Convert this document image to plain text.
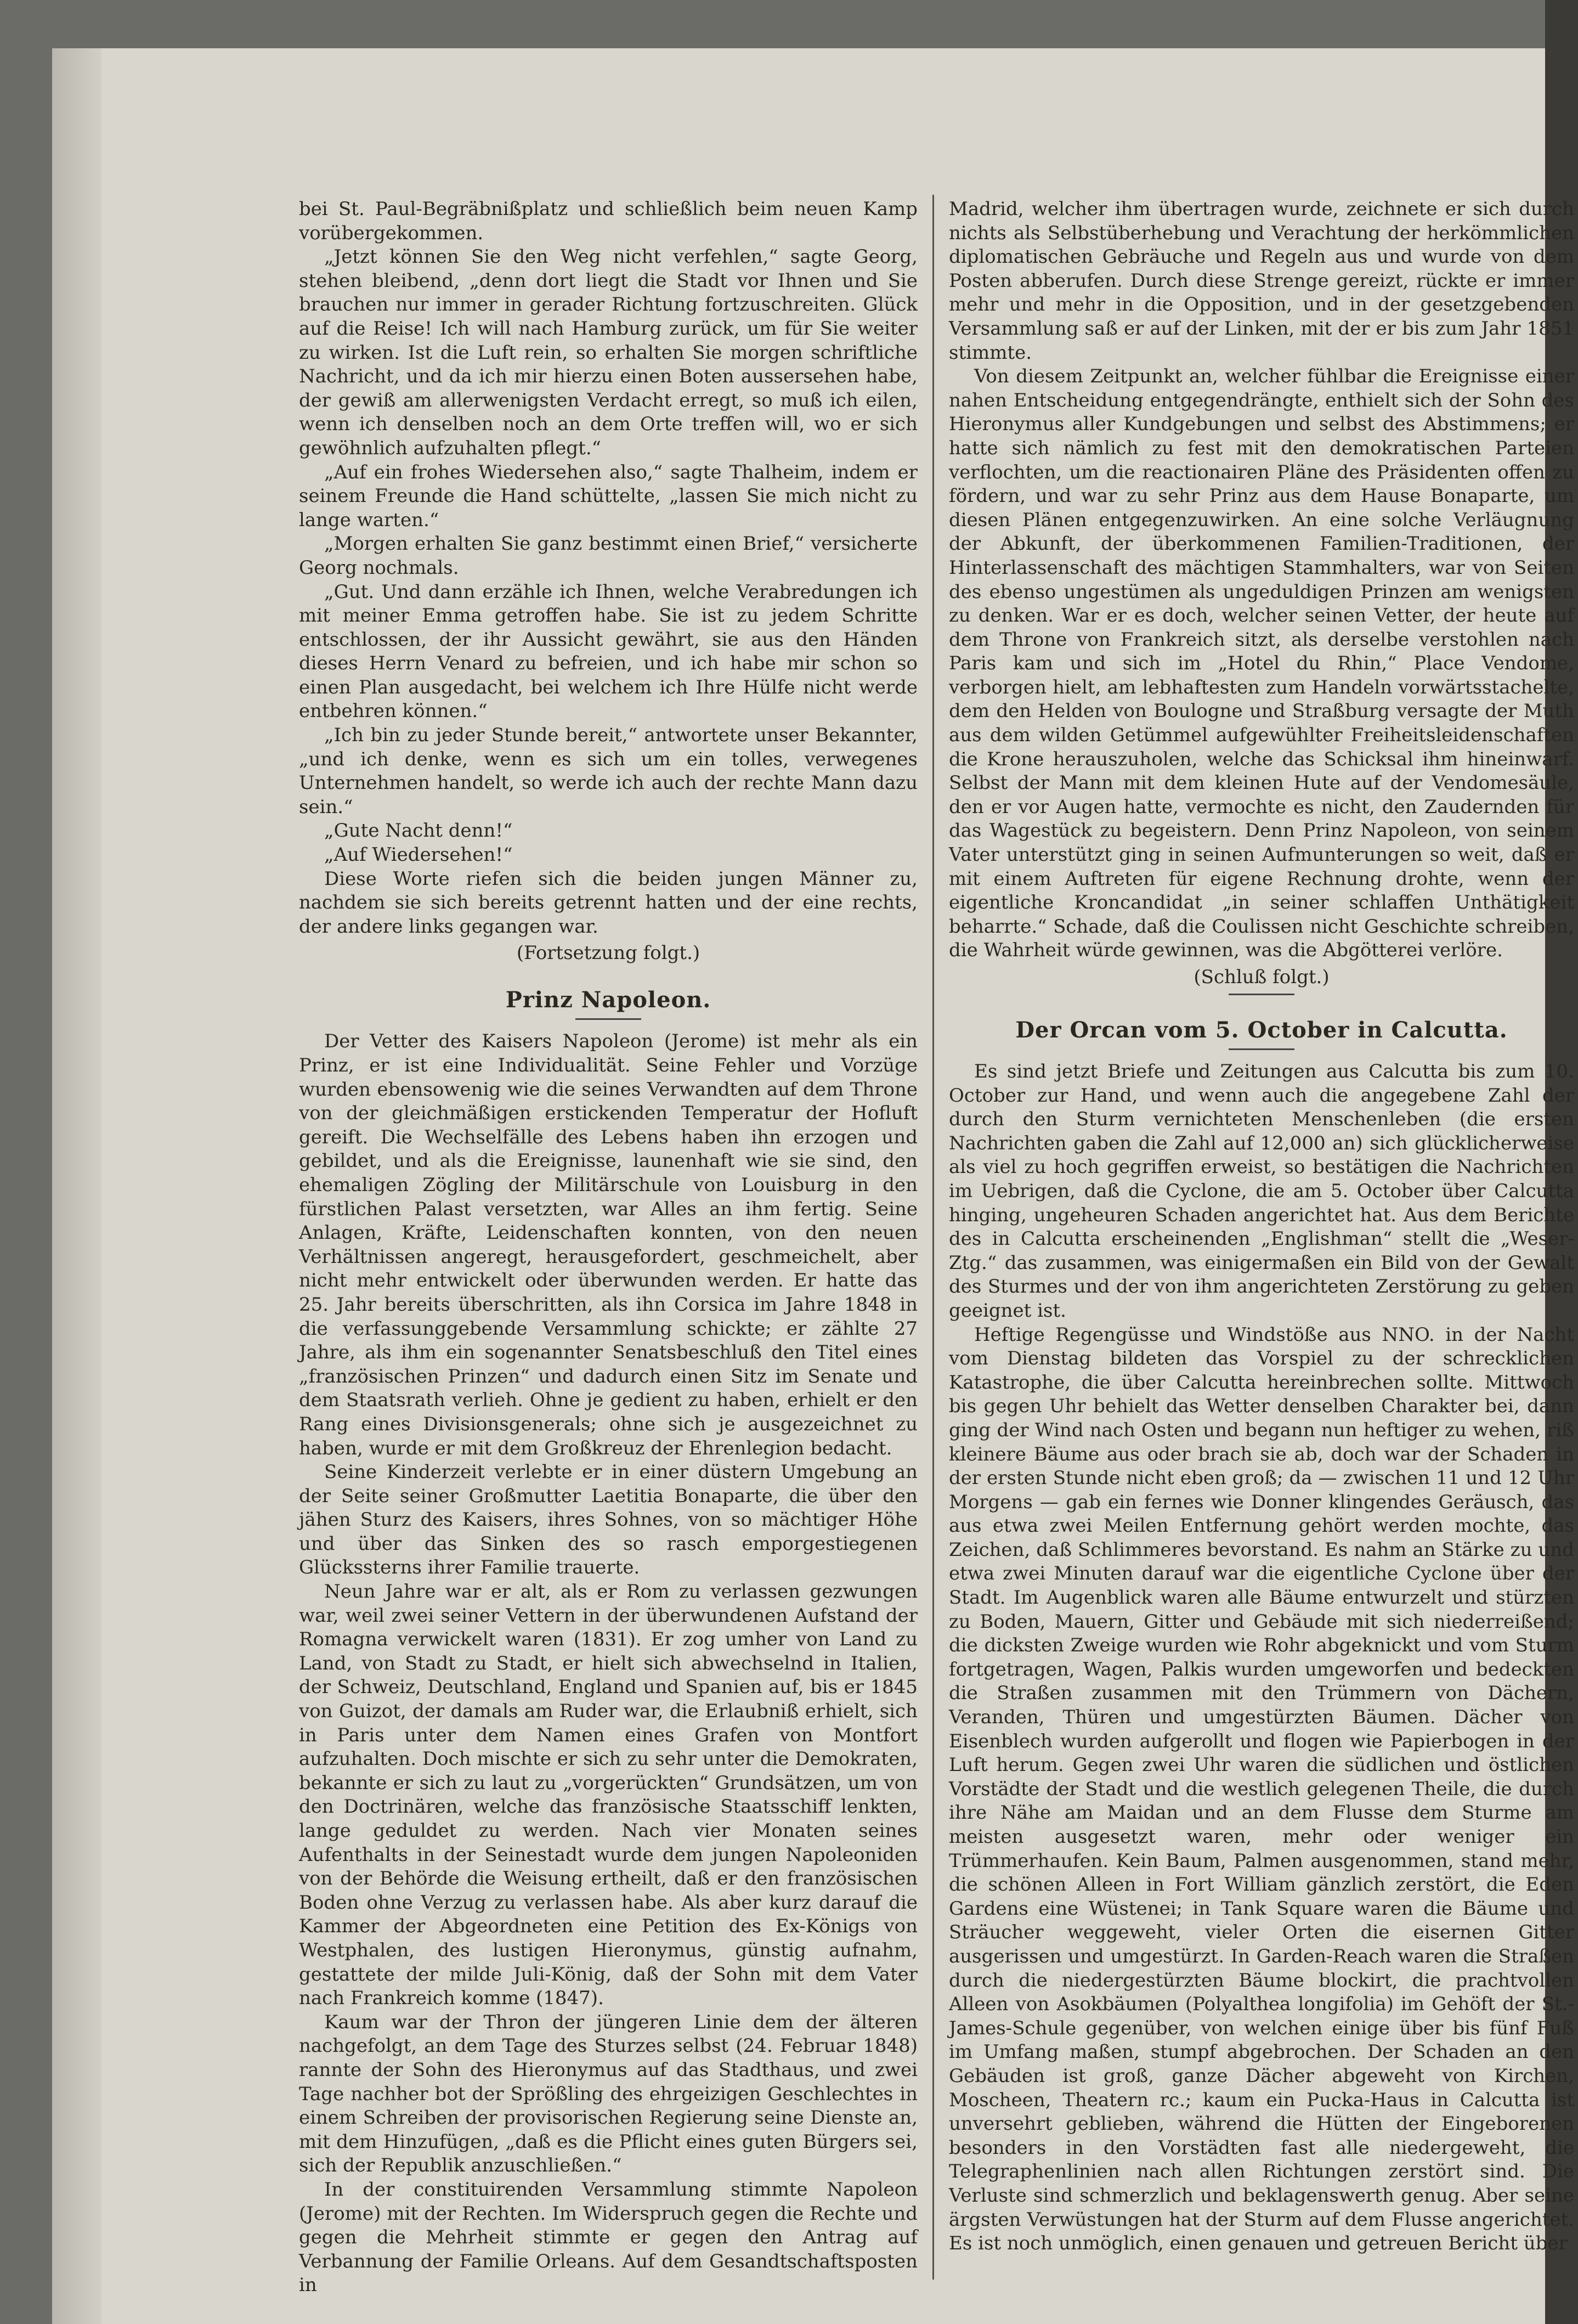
bei St. Paul-Begräbnißplatz und schließlich beim neuen Kamp vorübergekommen.

„Jetzt können Sie den Weg nicht verfehlen,“ sagte Georg, stehen bleibend, „denn dort liegt die Stadt vor Ihnen und Sie brauchen nur immer in gerader Richtung fortzuschreiten. Glück auf die Reise! Ich will nach Hamburg zurück, um für Sie weiter zu wirken. Ist die Luft rein, so erhalten Sie morgen schriftliche Nachricht, und da ich mir hierzu einen Boten aussersehen habe, der gewiß am allerwenigsten Verdacht erregt, so muß ich eilen, wenn ich denselben noch an dem Orte treffen will, wo er sich gewöhnlich aufzuhalten pflegt.“

„Auf ein frohes Wiedersehen also,“ sagte Thalheim, indem er seinem Freunde die Hand schüttelte, „lassen Sie mich nicht zu lange warten.“

„Morgen erhalten Sie ganz bestimmt einen Brief,“ versicherte Georg nochmals.

„Gut. Und dann erzähle ich Ihnen, welche Verabredungen ich mit meiner Emma getroffen habe. Sie ist zu jedem Schritte entschlossen, der ihr Aussicht gewährt, sie aus den Händen dieses Herrn Venard zu befreien, und ich habe mir schon so einen Plan ausgedacht, bei welchem ich Ihre Hülfe nicht werde entbehren können.“

„Ich bin zu jeder Stunde bereit,“ antwortete unser Bekannter, „und ich denke, wenn es sich um ein tolles, verwegenes Unternehmen handelt, so werde ich auch der rechte Mann dazu sein.“

„Gute Nacht denn!“

„Auf Wiedersehen!“

Diese Worte riefen sich die beiden jungen Männer zu, nachdem sie sich bereits getrennt hatten und der eine rechts, der andere links gegangen war.

(Fortsetzung folgt.)
Prinz Napoleon.

Der Vetter des Kaisers Napoleon (Jerome) ist mehr als ein Prinz, er ist eine Individualität. Seine Fehler und Vorzüge wurden ebensowenig wie die seines Verwandten auf dem Throne von der gleichmäßigen erstickenden Temperatur der Hofluft gereift. Die Wechselfälle des Lebens haben ihn erzogen und gebildet, und als die Ereignisse, launenhaft wie sie sind, den ehemaligen Zögling der Militärschule von Louisburg in den fürstlichen Palast versetzten, war Alles an ihm fertig. Seine Anlagen, Kräfte, Leidenschaften konnten, von den neuen Verhältnissen angeregt, herausgefordert, geschmeichelt, aber nicht mehr entwickelt oder überwunden werden. Er hatte das 25. Jahr bereits überschritten, als ihn Corsica im Jahre 1848 in die verfassunggebende Versammlung schickte; er zählte 27 Jahre, als ihm ein sogenannter Senatsbeschluß den Titel eines „französischen Prinzen“ und dadurch einen Sitz im Senate und dem Staatsrath verlieh. Ohne je gedient zu haben, erhielt er den Rang eines Divisionsgenerals; ohne sich je ausgezeichnet zu haben, wurde er mit dem Großkreuz der Ehrenlegion bedacht.

Seine Kinderzeit verlebte er in einer düstern Umgebung an der Seite seiner Großmutter Laetitia Bonaparte, die über den jähen Sturz des Kaisers, ihres Sohnes, von so mächtiger Höhe und über das Sinken des so rasch emporgestiegenen Glückssterns ihrer Familie trauerte.

Neun Jahre war er alt, als er Rom zu verlassen gezwungen war, weil zwei seiner Vettern in der überwundenen Aufstand der Romagna verwickelt waren (1831). Er zog umher von Land zu Land, von Stadt zu Stadt, er hielt sich abwechselnd in Italien, der Schweiz, Deutschland, England und Spanien auf, bis er 1845 von Guizot, der damals am Ruder war, die Erlaubniß erhielt, sich in Paris unter dem Namen eines Grafen von Montfort aufzuhalten. Doch mischte er sich zu sehr unter die Demokraten, bekannte er sich zu laut zu „vorgerückten“ Grundsätzen, um von den Doctrinären, welche das französische Staatsschiff lenkten, lange geduldet zu werden. Nach vier Monaten seines Aufenthalts in der Seinestadt wurde dem jungen Napoleoniden von der Behörde die Weisung ertheilt, daß er den französischen Boden ohne Verzug zu verlassen habe. Als aber kurz darauf die Kammer der Abgeordneten eine Petition des Ex-Königs von Westphalen, des lustigen Hieronymus, günstig aufnahm, gestattete der milde Juli-König, daß der Sohn mit dem Vater nach Frankreich komme (1847).

Kaum war der Thron der jüngeren Linie dem der älteren nachgefolgt, an dem Tage des Sturzes selbst (24. Februar 1848) rannte der Sohn des Hieronymus auf das Stadthaus, und zwei Tage nachher bot der Sprößling des ehrgeizigen Geschlechtes in einem Schreiben der provisorischen Regierung seine Dienste an, mit dem Hinzufügen, „daß es die Pflicht eines guten Bürgers sei, sich der Republik anzuschließen.“

In der constituirenden Versammlung stimmte Napoleon (Jerome) mit der Rechten. Im Widerspruch gegen die Rechte und gegen die Mehrheit stimmte er gegen den Antrag auf Verbannung der Familie Orleans. Auf dem Gesandtschaftsposten in

Madrid, welcher ihm übertragen wurde, zeichnete er sich durch nichts als Selbstüberhebung und Verachtung der herkömmlichen diplomatischen Gebräuche und Regeln aus und wurde von dem Posten abberufen. Durch diese Strenge gereizt, rückte er immer mehr und mehr in die Opposition, und in der gesetzgebenden Versammlung saß er auf der Linken, mit der er bis zum Jahr 1851 stimmte.

Von diesem Zeitpunkt an, welcher fühlbar die Ereignisse einer nahen Entscheidung entgegendrängte, enthielt sich der Sohn des Hieronymus aller Kundgebungen und selbst des Abstimmens; er hatte sich nämlich zu fest mit den demokratischen Parteien verflochten, um die reactionairen Pläne des Präsidenten offen zu fördern, und war zu sehr Prinz aus dem Hause Bonaparte, um diesen Plänen entgegenzuwirken. An eine solche Verläugnung der Abkunft, der überkommenen Familien-Traditionen, der Hinterlassenschaft des mächtigen Stammhalters, war von Seiten des ebenso ungestümen als ungeduldigen Prinzen am wenigsten zu denken. War er es doch, welcher seinen Vetter, der heute auf dem Throne von Frankreich sitzt, als derselbe verstohlen nach Paris kam und sich im „Hotel du Rhin,“ Place Vendome, verborgen hielt, am lebhaftesten zum Handeln vorwärtsstachelte, dem den Helden von Boulogne und Straßburg versagte der Muth aus dem wilden Getümmel aufgewühlter Freiheitsleidenschaften die Krone herauszuholen, welche das Schicksal ihm hineinwarf. Selbst der Mann mit dem kleinen Hute auf der Vendomesäule, den er vor Augen hatte, vermochte es nicht, den Zaudernden für das Wagestück zu begeistern. Denn Prinz Napoleon, von seinem Vater unterstützt ging in seinen Aufmunterungen so weit, daß er mit einem Auftreten für eigene Rechnung drohte, wenn der eigentliche Kroncandidat „in seiner schlaffen Unthätigkeit beharrte.“ Schade, daß die Coulissen nicht Geschichte schreiben, die Wahrheit würde gewinnen, was die Abgötterei verlöre.

(Schluß folgt.)
Der Orcan vom 5. October in Calcutta.

Es sind jetzt Briefe und Zeitungen aus Calcutta bis zum 10. October zur Hand, und wenn auch die angegebene Zahl der durch den Sturm vernichteten Menschenleben (die ersten Nachrichten gaben die Zahl auf 12,000 an) sich glücklicherweise als viel zu hoch gegriffen erweist, so bestätigen die Nachrichten im Uebrigen, daß die Cyclone, die am 5. October über Calcutta hinging, ungeheuren Schaden angerichtet hat. Aus dem Berichte des in Calcutta erscheinenden „Englishman“ stellt die „Weser-Ztg.“ das zusammen, was einigermaßen ein Bild von der Gewalt des Sturmes und der von ihm angerichteten Zerstörung zu geben geeignet ist.

Heftige Regengüsse und Windstöße aus NNO. in der Nacht vom Dienstag bildeten das Vorspiel zu der schrecklichen Katastrophe, die über Calcutta hereinbrechen sollte. Mittwoch bis gegen Uhr behielt das Wetter denselben Charakter bei, dann ging der Wind nach Osten und begann nun heftiger zu wehen, riß kleinere Bäume aus oder brach sie ab, doch war der Schaden in der ersten Stunde nicht eben groß; da — zwischen 11 und 12 Uhr Morgens — gab ein fernes wie Donner klingendes Geräusch, das aus etwa zwei Meilen Entfernung gehört werden mochte, das Zeichen, daß Schlimmeres bevorstand. Es nahm an Stärke zu und etwa zwei Minuten darauf war die eigentliche Cyclone über der Stadt. Im Augenblick waren alle Bäume entwurzelt und stürzten zu Boden, Mauern, Gitter und Gebäude mit sich niederreißend; die dicksten Zweige wurden wie Rohr abgeknickt und vom Sturm fortgetragen, Wagen, Palkis wurden umgeworfen und bedeckten die Straßen zusammen mit den Trümmern von Dächern, Veranden, Thüren und umgestürzten Bäumen. Dächer von Eisenblech wurden aufgerollt und flogen wie Papierbogen in der Luft herum. Gegen zwei Uhr waren die südlichen und östlichen Vorstädte der Stadt und die westlich gelegenen Theile, die durch ihre Nähe am Maidan und an dem Flusse dem Sturme am meisten ausgesetzt waren, mehr oder weniger ein Trümmerhaufen. Kein Baum, Palmen ausgenommen, stand mehr, die schönen Alleen in Fort William gänzlich zerstört, die Eden Gardens eine Wüstenei; in Tank Square waren die Bäume und Sträucher weggeweht, vieler Orten die eisernen Gitter ausgerissen und umgestürzt. In Garden-Reach waren die Straßen durch die niedergestürzten Bäume blockirt, die prachtvollen Alleen von Asokbäumen (Polyalthea longifolia) im Gehöft der St.-James-Schule gegenüber, von welchen einige über bis fünf Fuß im Umfang maßen, stumpf abgebrochen. Der Schaden an den Gebäuden ist groß, ganze Dächer abgeweht von Kirchen, Moscheen, Theatern rc.; kaum ein Pucka-Haus in Calcutta ist unversehrt geblieben, während die Hütten der Eingeborenen besonders in den Vorstädten fast alle niedergeweht, die Telegraphenlinien nach allen Richtungen zerstört sind. Die Verluste sind schmerzlich und beklagenswerth genug. Aber seine ärgsten Verwüstungen hat der Sturm auf dem Flusse angerichtet. Es ist noch unmöglich, einen genauen und getreuen Bericht über
